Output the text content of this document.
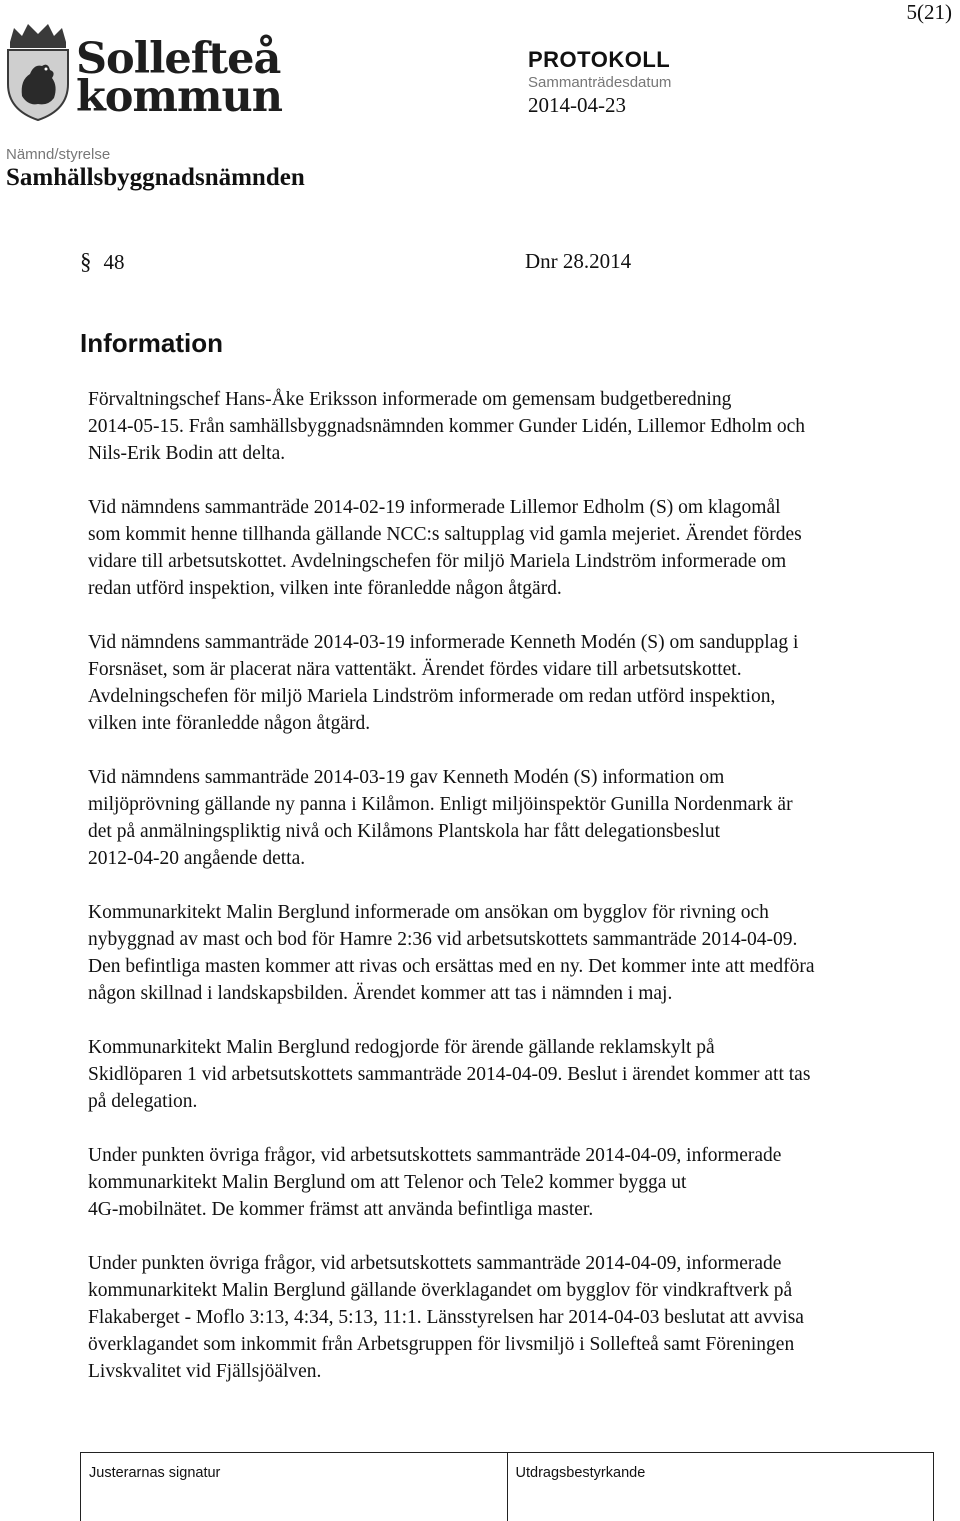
5(21)
Sollefteå
kommun
PROTOKOLL
Sammanträdesdatum
2014-04-23
Nämnd/styrelse
Samhällsbyggnadsnämnden
§ 48	Dnr 28.2014
Information
Förvaltningschef Hans-Åke Eriksson informerade om gemensam budgetberedning
2014-05-15. Från samhällsbyggnadsnämnden kommer Gunder Lidén, Lillemor Edholm och
Nils-Erik Bodin att delta.
Vid nämndens sammanträde 2014-02-19 informerade Lillemor Edholm (S) om klagomål
som kommit henne tillhanda gällande NCC:s saltupplag vid gamla mejeriet. Ärendet fördes
vidare till arbetsutskottet. Avdelningschefen för miljö Mariela Lindström informerade om
redan utförd inspektion, vilken inte föranledde någon åtgärd.
Vid nämndens sammanträde 2014-03-19 informerade Kenneth Modén (S) om sandupplag i
Forsnäset, som är placerat nära vattentäkt. Ärendet fördes vidare till arbetsutskottet.
Avdelningschefen för miljö Mariela Lindström informerade om redan utförd inspektion,
vilken inte föranledde någon åtgärd.
Vid nämndens sammanträde 2014-03-19 gav Kenneth Modén (S) information om
miljöprövning gällande ny panna i Kilåmon. Enligt miljöinspektör Gunilla Nordenmark är
det på anmälningspliktig nivå och Kilåmons Plantskola har fått delegationsbeslut
2012-04-20 angående detta.
Kommunarkitekt Malin Berglund informerade om ansökan om bygglov för rivning och
nybyggnad av mast och bod för Hamre 2:36 vid arbetsutskottets sammanträde 2014-04-09.
Den befintliga masten kommer att rivas och ersättas med en ny. Det kommer inte att medföra
någon skillnad i landskapsbilden. Ärendet kommer att tas i nämnden i maj.
Kommunarkitekt Malin Berglund redogjorde för ärende gällande reklamskylt på
Skidlöparen 1 vid arbetsutskottets sammanträde 2014-04-09. Beslut i ärendet kommer att tas
på delegation.
Under punkten övriga frågor, vid arbetsutskottets sammanträde 2014-04-09, informerade
kommunarkitekt Malin Berglund om att Telenor och Tele2 kommer bygga ut
4G-mobilnätet. De kommer främst att använda befintliga master.
Under punkten övriga frågor, vid arbetsutskottets sammanträde 2014-04-09, informerade
kommunarkitekt Malin Berglund gällande överklagandet om bygglov för vindkraftverk på
Flakaberget - Moflo 3:13, 4:34, 5:13, 11:1. Länsstyrelsen har 2014-04-03 beslutat att avvisa
överklagandet som inkommit från Arbetsgruppen för livsmiljö i Sollefteå samt Föreningen
Livskvalitet vid Fjällsjöälven.
Justerarnas signatur	Utdragsbestyrkande
